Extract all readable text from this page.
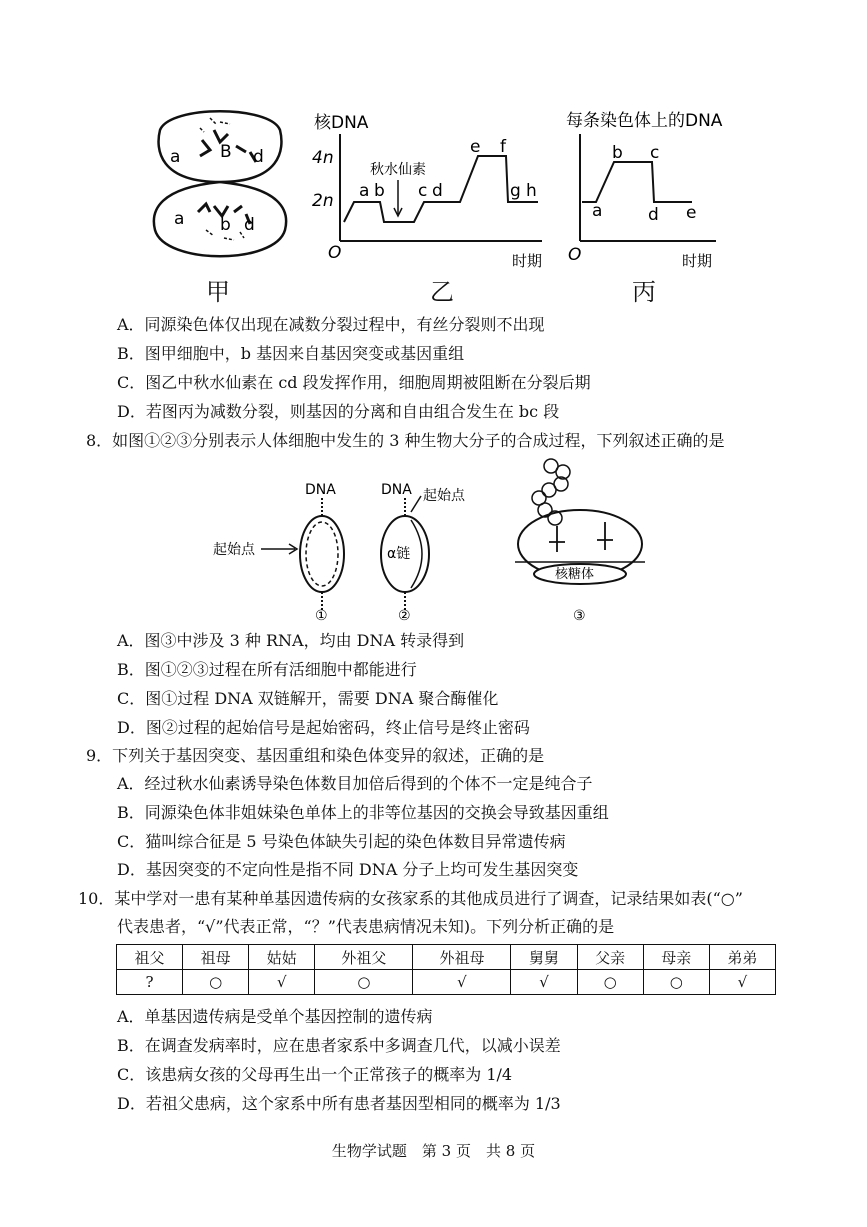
a B d
a b d
甲
核DNA
O
4n
2n
秋水仙素
a b c d
e f
g h
时期
乙
每条染色体上的DNA
O
a
b c
d e
时期
丙
A．同源染色体仅出现在减数分裂过程中，有丝分裂则不出现
B．图甲细胞中，b 基因来自基因突变或基因重组
C．图乙中秋水仙素在 cd 段发挥作用，细胞周期被阻断在分裂后期
D．若图丙为减数分裂，则基因的分离和自由组合发生在 bc 段
8．如图①②③分别表示人体细胞中发生的 3 种生物大分子的合成过程，下列叙述正确的是
DNA
起始点
①
DNA 起始点
α链
②
核糖体
③
A．图③中涉及 3 种 RNA，均由 DNA 转录得到
B．图①②③过程在所有活细胞中都能进行
C．图①过程 DNA 双链解开，需要 DNA 聚合酶催化
D．图②过程的起始信号是起始密码，终止信号是终止密码
9．下列关于基因突变、基因重组和染色体变异的叙述，正确的是
A．经过秋水仙素诱导染色体数目加倍后得到的个体不一定是纯合子
B．同源染色体非姐妹染色单体上的非等位基因的交换会导致基因重组
C．猫叫综合征是 5 号染色体缺失引起的染色体数目异常遗传病
D．基因突变的不定向性是指不同 DNA 分子上均可发生基因突变
10．某中学对一患有某种单基因遗传病的女孩家系的其他成员进行了调查，记录结果如表(“○”
代表患者，“√”代表正常，“？”代表患病情况未知)。下列分析正确的是
祖父	祖母	姑姑	外祖父	外祖母	舅舅	父亲	母亲	弟弟
?	○	√	○	√	√	○	○	√
A．单基因遗传病是受单个基因控制的遗传病
B．在调查发病率时，应在患者家系中多调查几代，以减小误差
C．该患病女孩的父母再生出一个正常孩子的概率为 1/4
D．若祖父患病，这个家系中所有患者基因型相同的概率为 1/3
生物学试题　第 3 页　共 8 页
